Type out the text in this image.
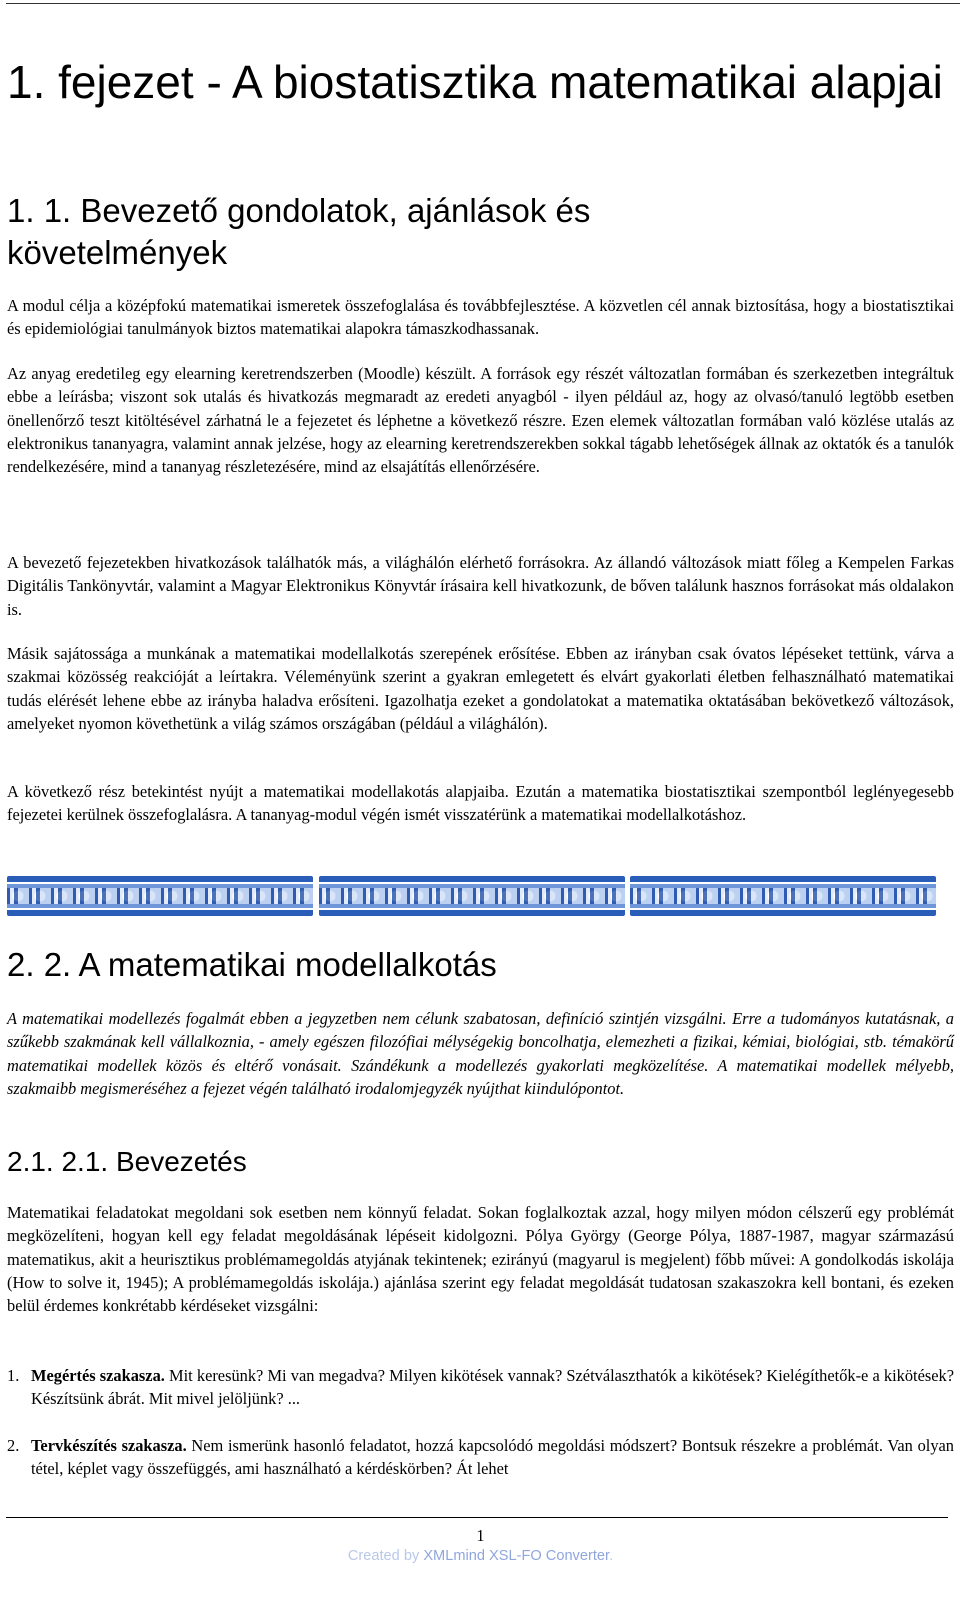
1. fejezet - A biostatisztika matematikai alapjai
1. 1. Bevezető gondolatok, ajánlások és követelmények

A modul célja a középfokú matematikai ismeretek összefoglalása és továbbfejlesztése. A közvetlen cél annak biztosítása, hogy a biostatisztikai és epidemiológiai tanulmányok biztos matematikai alapokra támaszkodhassanak.

Az anyag eredetileg egy elearning keretrendszerben (Moodle) készült. A források egy részét változatlan formában és szerkezetben integráltuk ebbe a leírásba; viszont sok utalás és hivatkozás megmaradt az eredeti anyagból - ilyen például az, hogy az olvasó/tanuló legtöbb esetben önellenőrző teszt kitöltésével zárhatná le a fejezetet és léphetne a következő részre. Ezen elemek változatlan formában való közlése utalás az elektronikus tananyagra, valamint annak jelzése, hogy az elearning keretrendszerekben sokkal tágabb lehetőségek állnak az oktatók és a tanulók rendelkezésére, mind a tananyag részletezésére, mind az elsajátítás ellenőrzésére.

A bevezető fejezetekben hivatkozások találhatók más, a világhálón elérhető forrásokra. Az állandó változások miatt főleg a Kempelen Farkas Digitális Tankönyvtár, valamint a Magyar Elektronikus Könyvtár írásaira kell hivatkozunk, de bőven találunk hasznos forrásokat más oldalakon is.

Másik sajátossága a munkának a matematikai modellalkotás szerepének erősítése. Ebben az irányban csak óvatos lépéseket tettünk, várva a szakmai közösség reakcióját a leírtakra. Véleményünk szerint a gyakran emlegetett és elvárt gyakorlati életben felhasználható matematikai tudás elérését lehene ebbe az irányba haladva erősíteni. Igazolhatja ezeket a gondolatokat a matematika oktatásában bekövetkező változások, amelyeket nyomon követhetünk a világ számos országában (például a világhálón).

A következő rész betekintést nyújt a matematikai modellakotás alapjaiba. Ezután a matematika biostatisztikai szempontból leglényegesebb fejezetei kerülnek összefoglalásra. A tananyag-modul végén ismét visszatérünk a matematikai modellalkotáshoz.

2. 2. A matematikai modellalkotás

A matematikai modellezés fogalmát ebben a jegyzetben nem célunk szabatosan, definíció szintjén vizsgálni. Erre a tudományos kutatásnak, a szűkebb szakmának kell vállalkoznia, - amely egészen filozófiai mélységekig boncolhatja, elemezheti a fizikai, kémiai, biológiai, stb. témakörű matematikai modellek közös és eltérő vonásait. Szándékunk a modellezés gyakorlati megközelítése. A matematikai modellek mélyebb, szakmaibb megismeréséhez a fejezet végén található irodalomjegyzék nyújthat kiindulópontot.

2.1. 2.1. Bevezetés

Matematikai feladatokat megoldani sok esetben nem könnyű feladat. Sokan foglalkoztak azzal, hogy milyen módon célszerű egy problémát megközelíteni, hogyan kell egy feladat megoldásának lépéseit kidolgozni. Pólya György (George Pólya, 1887-1987, magyar származású matematikus, akit a heurisztikus problémamegoldás atyjának tekintenek; ezirányú (magyarul is megjelent) főbb művei: A gondolkodás iskolája (How to solve it, 1945); A problémamegoldás iskolája.) ajánlása szerint egy feladat megoldását tudatosan szakaszokra kell bontani, és ezeken belül érdemes konkrétabb kérdéseket vizsgálni:

1. Megértés szakasza. Mit keresünk? Mi van megadva? Milyen kikötések vannak? Szétválaszthatók a kikötések? Kielégíthetők-e a kikötések? Készítsünk ábrát. Mit mivel jelöljünk? ...
2. Tervkészítés szakasza. Nem ismerünk hasonló feladatot, hozzá kapcsolódó megoldási módszert? Bontsuk részekre a problémát. Van olyan tétel, képlet vagy összefüggés, ami használható a kérdéskörben? Át lehet
1
Created by XMLmind XSL-FO Converter.
